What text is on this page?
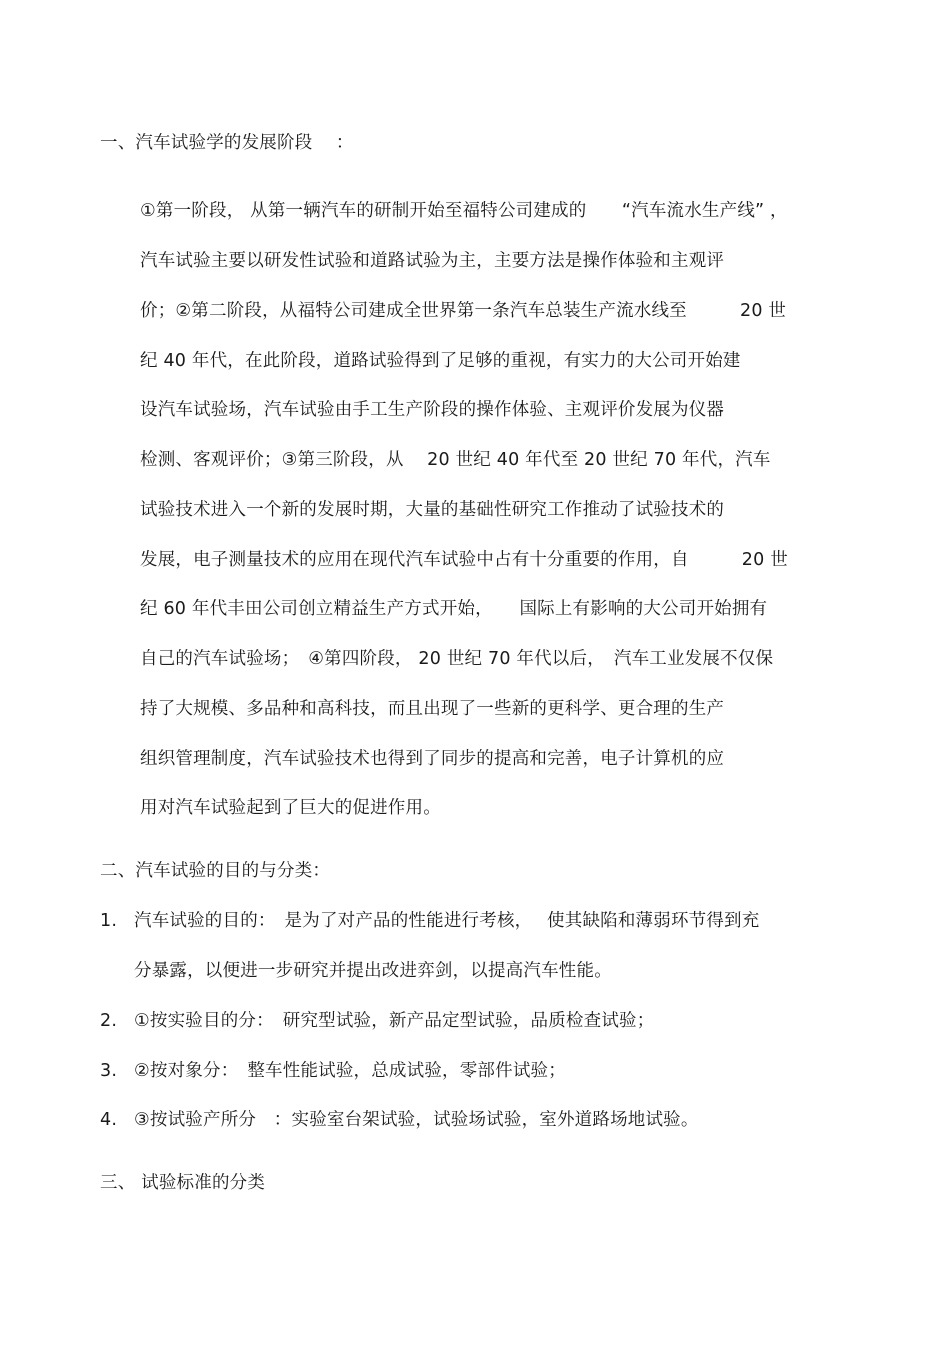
一、汽车试验学的发展阶段　 ：
①第一阶段， 从第一辆汽车的研制开始至福特公司建成的　　“汽车流水生产线” ，
汽车试验主要以研发性试验和道路试验为主，主要方法是操作体验和主观评
价；②第二阶段，从福特公司建成全世界第一条汽车总装生产流水线至　　　20 世
纪 40 年代，在此阶段，道路试验得到了足够的重视，有实力的大公司开始建
设汽车试验场，汽车试验由手工生产阶段的操作体验、主观评价发展为仪器
检测、客观评价；③第三阶段，从　 20 世纪 40 年代至 20 世纪 70 年代，汽车
试验技术进入一个新的发展时期，大量的基础性研究工作推动了试验技术的
发展，电子测量技术的应用在现代汽车试验中占有十分重要的作用，自　　　20 世
纪 60 年代丰田公司创立精益生产方式开始，　　国际上有影响的大公司开始拥有
自己的汽车试验场；　④第四阶段， 20 世纪 70 年代以后，　汽车工业发展不仅保
持了大规模、多品种和高科技，而且出现了一些新的更科学、更合理的生产
组织管理制度，汽车试验技术也得到了同步的提高和完善，电子计算机的应
用对汽车试验起到了巨大的促进作用。
二、汽车试验的目的与分类：
1. 汽车试验的目的：　是为了对产品的性能进行考核，　 使其缺陷和薄弱环节得到充
分暴露，以便进一步研究并提出改进弈剑，以提高汽车性能。
2. ①按实验目的分：　研究型试验，新产品定型试验，品质检查试验；
3. ②按对象分：　整车性能试验，总成试验，零部件试验；
4. ③按试验产所分　：实验室台架试验，试验场试验，室外道路场地试验。
三、 试验标准的分类
